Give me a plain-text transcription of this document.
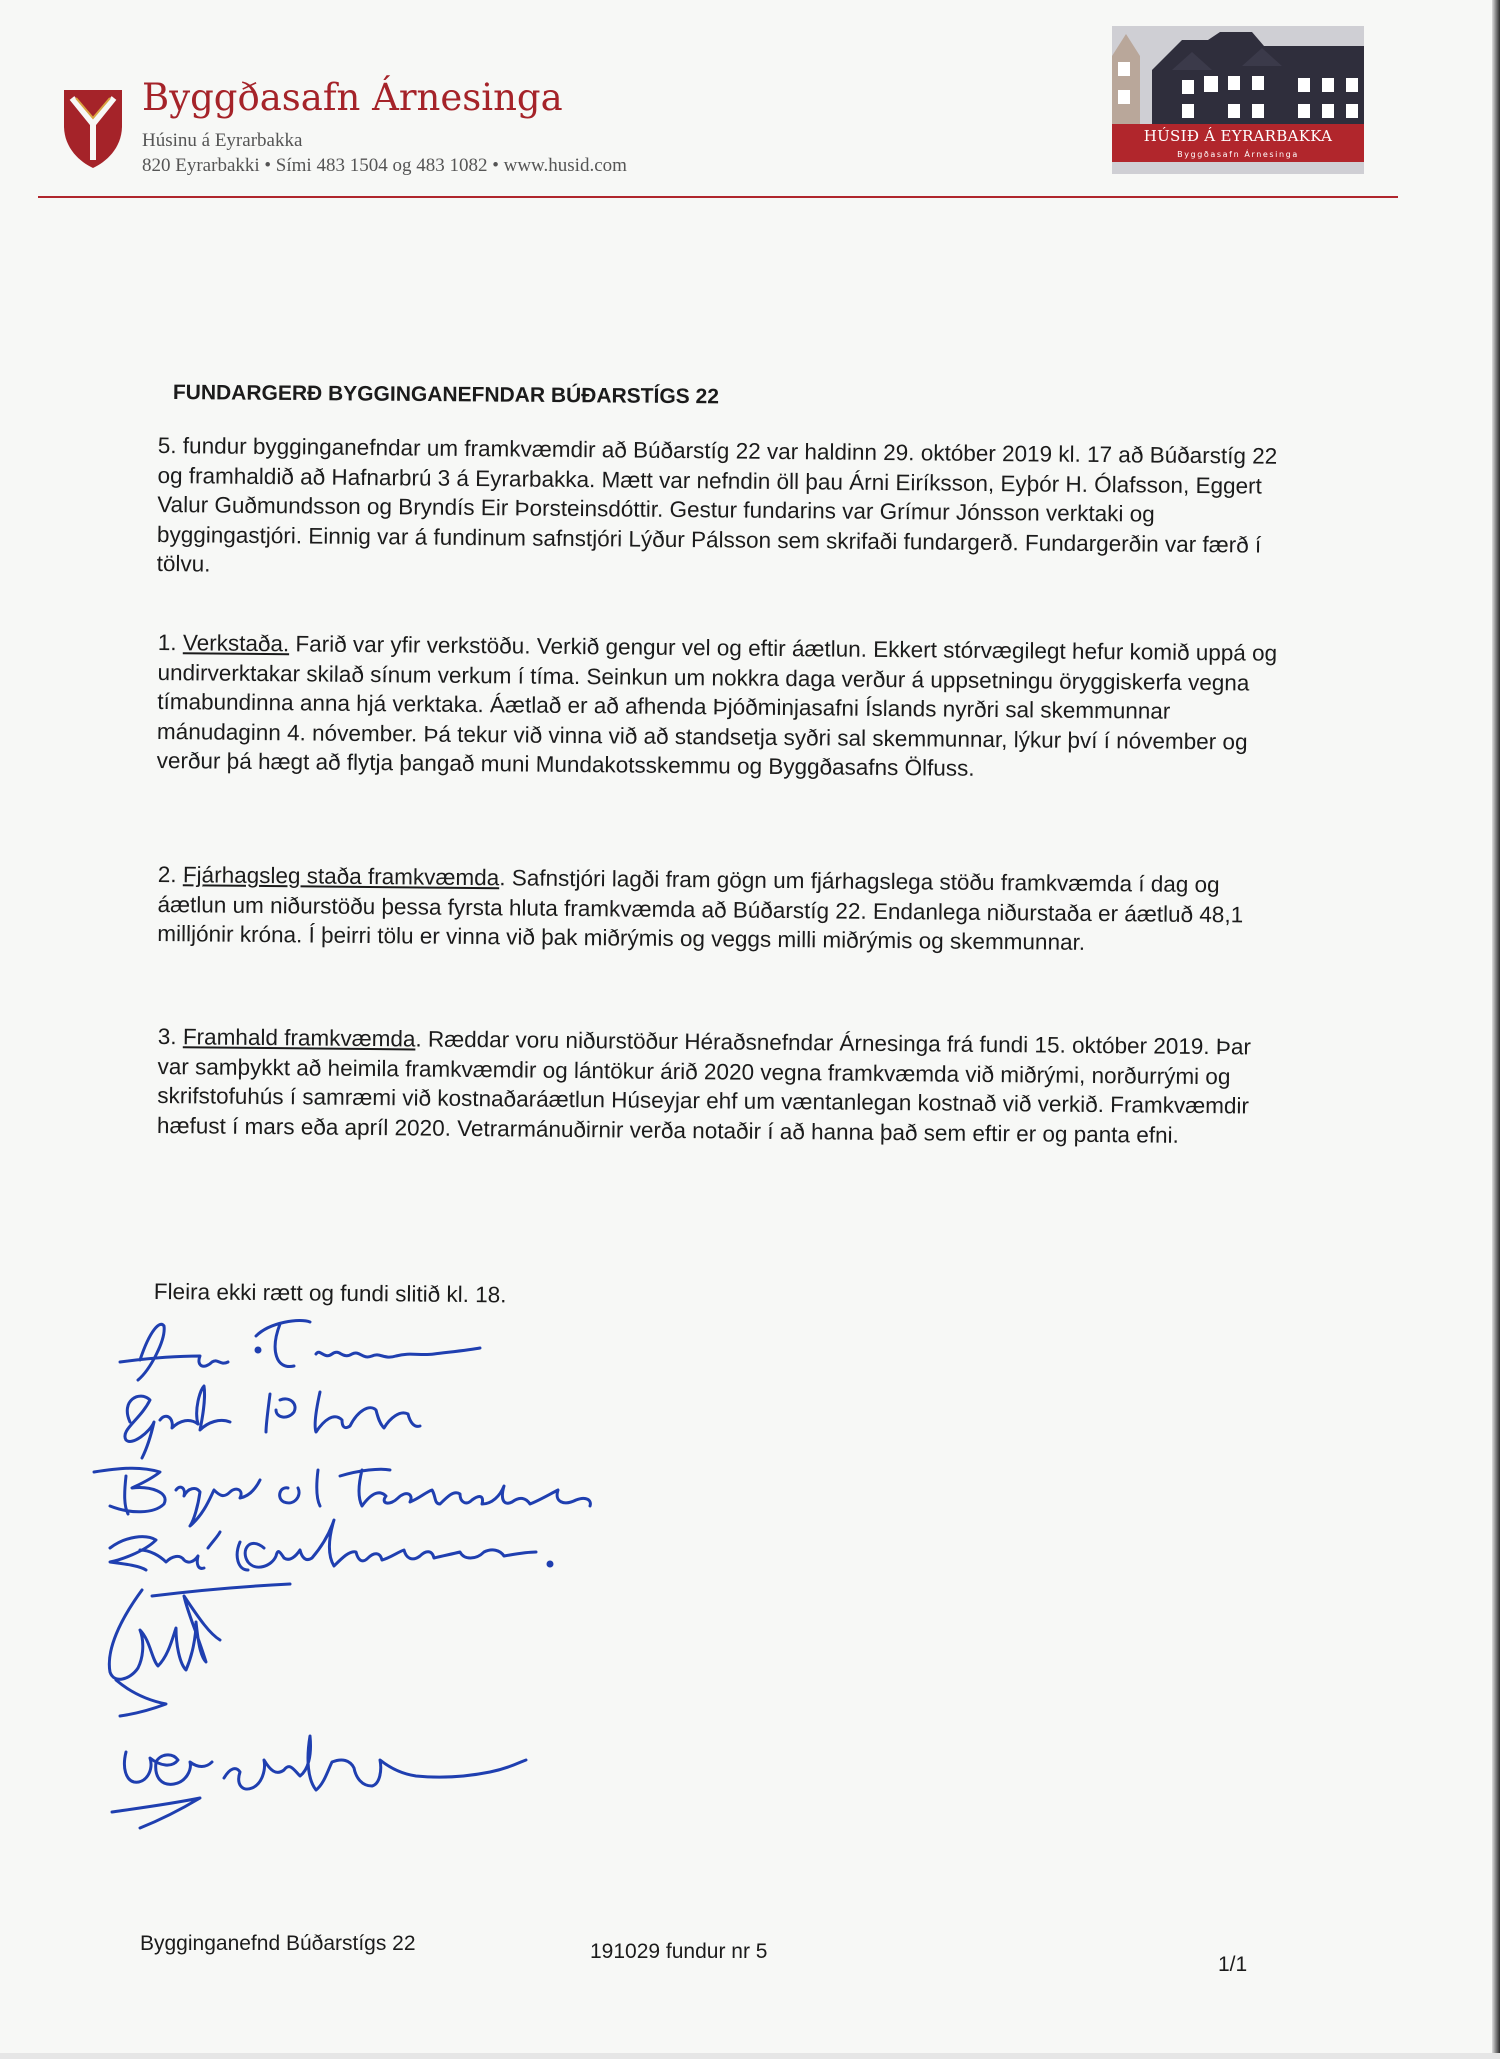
Byggðasafn Árnesinga
Húsinu á Eyrarbakka
820 Eyrarbakki • Sími 483 1504 og 483 1082 • www.husid.com
HÚSIÐ Á EYRARBAKKA
Byggðasafn Árnesinga
FUNDARGERÐ BYGGINGANEFNDAR BÚÐARSTÍGS 22

5. fundur bygginganefndar um framkvæmdir að Búðarstíg 22 var haldinn 29. október 2019 kl. 17 að Búðarstíg 22 og framhaldið að Hafnarbrú 3 á Eyrarbakka. Mætt var nefndin öll þau Árni Eiríksson, Eyþór H. Ólafsson, Eggert Valur Guðmundsson og Bryndís Eir Þorsteinsdóttir. Gestur fundarins var Grímur Jónsson verktaki og byggingastjóri. Einnig var á fundinum safnstjóri Lýður Pálsson sem skrifaði fundargerð. Fundargerðin var færð í tölvu.

1. Verkstaða. Farið var yfir verkstöðu. Verkið gengur vel og eftir áætlun. Ekkert stórvægilegt hefur komið uppá og undirverktakar skilað sínum verkum í tíma. Seinkun um nokkra daga verður á uppsetningu öryggiskerfa vegna tímabundinna anna hjá verktaka. Áætlað er að afhenda Þjóðminjasafni Íslands nyrðri sal skemmunnar mánudaginn 4. nóvember. Þá tekur við vinna við að standsetja syðri sal skemmunnar, lýkur því í nóvember og verður þá hægt að flytja þangað muni Mundakotsskemmu og Byggðasafns Ölfuss.

2. Fjárhagsleg staða framkvæmda. Safnstjóri lagði fram gögn um fjárhagslega stöðu framkvæmda í dag og áætlun um niðurstöðu þessa fyrsta hluta framkvæmda að Búðarstíg 22. Endanlega niðurstaða er áætluð 48,1 milljónir króna. Í þeirri tölu er vinna við þak miðrýmis og veggs milli miðrýmis og skemmunnar.

3. Framhald framkvæmda. Ræddar voru niðurstöður Héraðsnefndar Árnesinga frá fundi 15. október 2019. Þar var samþykkt að heimila framkvæmdir og lántökur árið 2020 vegna framkvæmda við miðrými, norðurrými og skrifstofuhús í samræmi við kostnaðaráætlun Húseyjar ehf um væntanlegan kostnað við verkið. Framkvæmdir hæfust í mars eða apríl 2020. Vetrarmánuðirnir verða notaðir í að hanna það sem eftir er og panta efni.

Fleira ekki rætt og fundi slitið kl. 18.
Bygginganefnd Búðarstígs 22	191029 fundur nr 5
1/1
